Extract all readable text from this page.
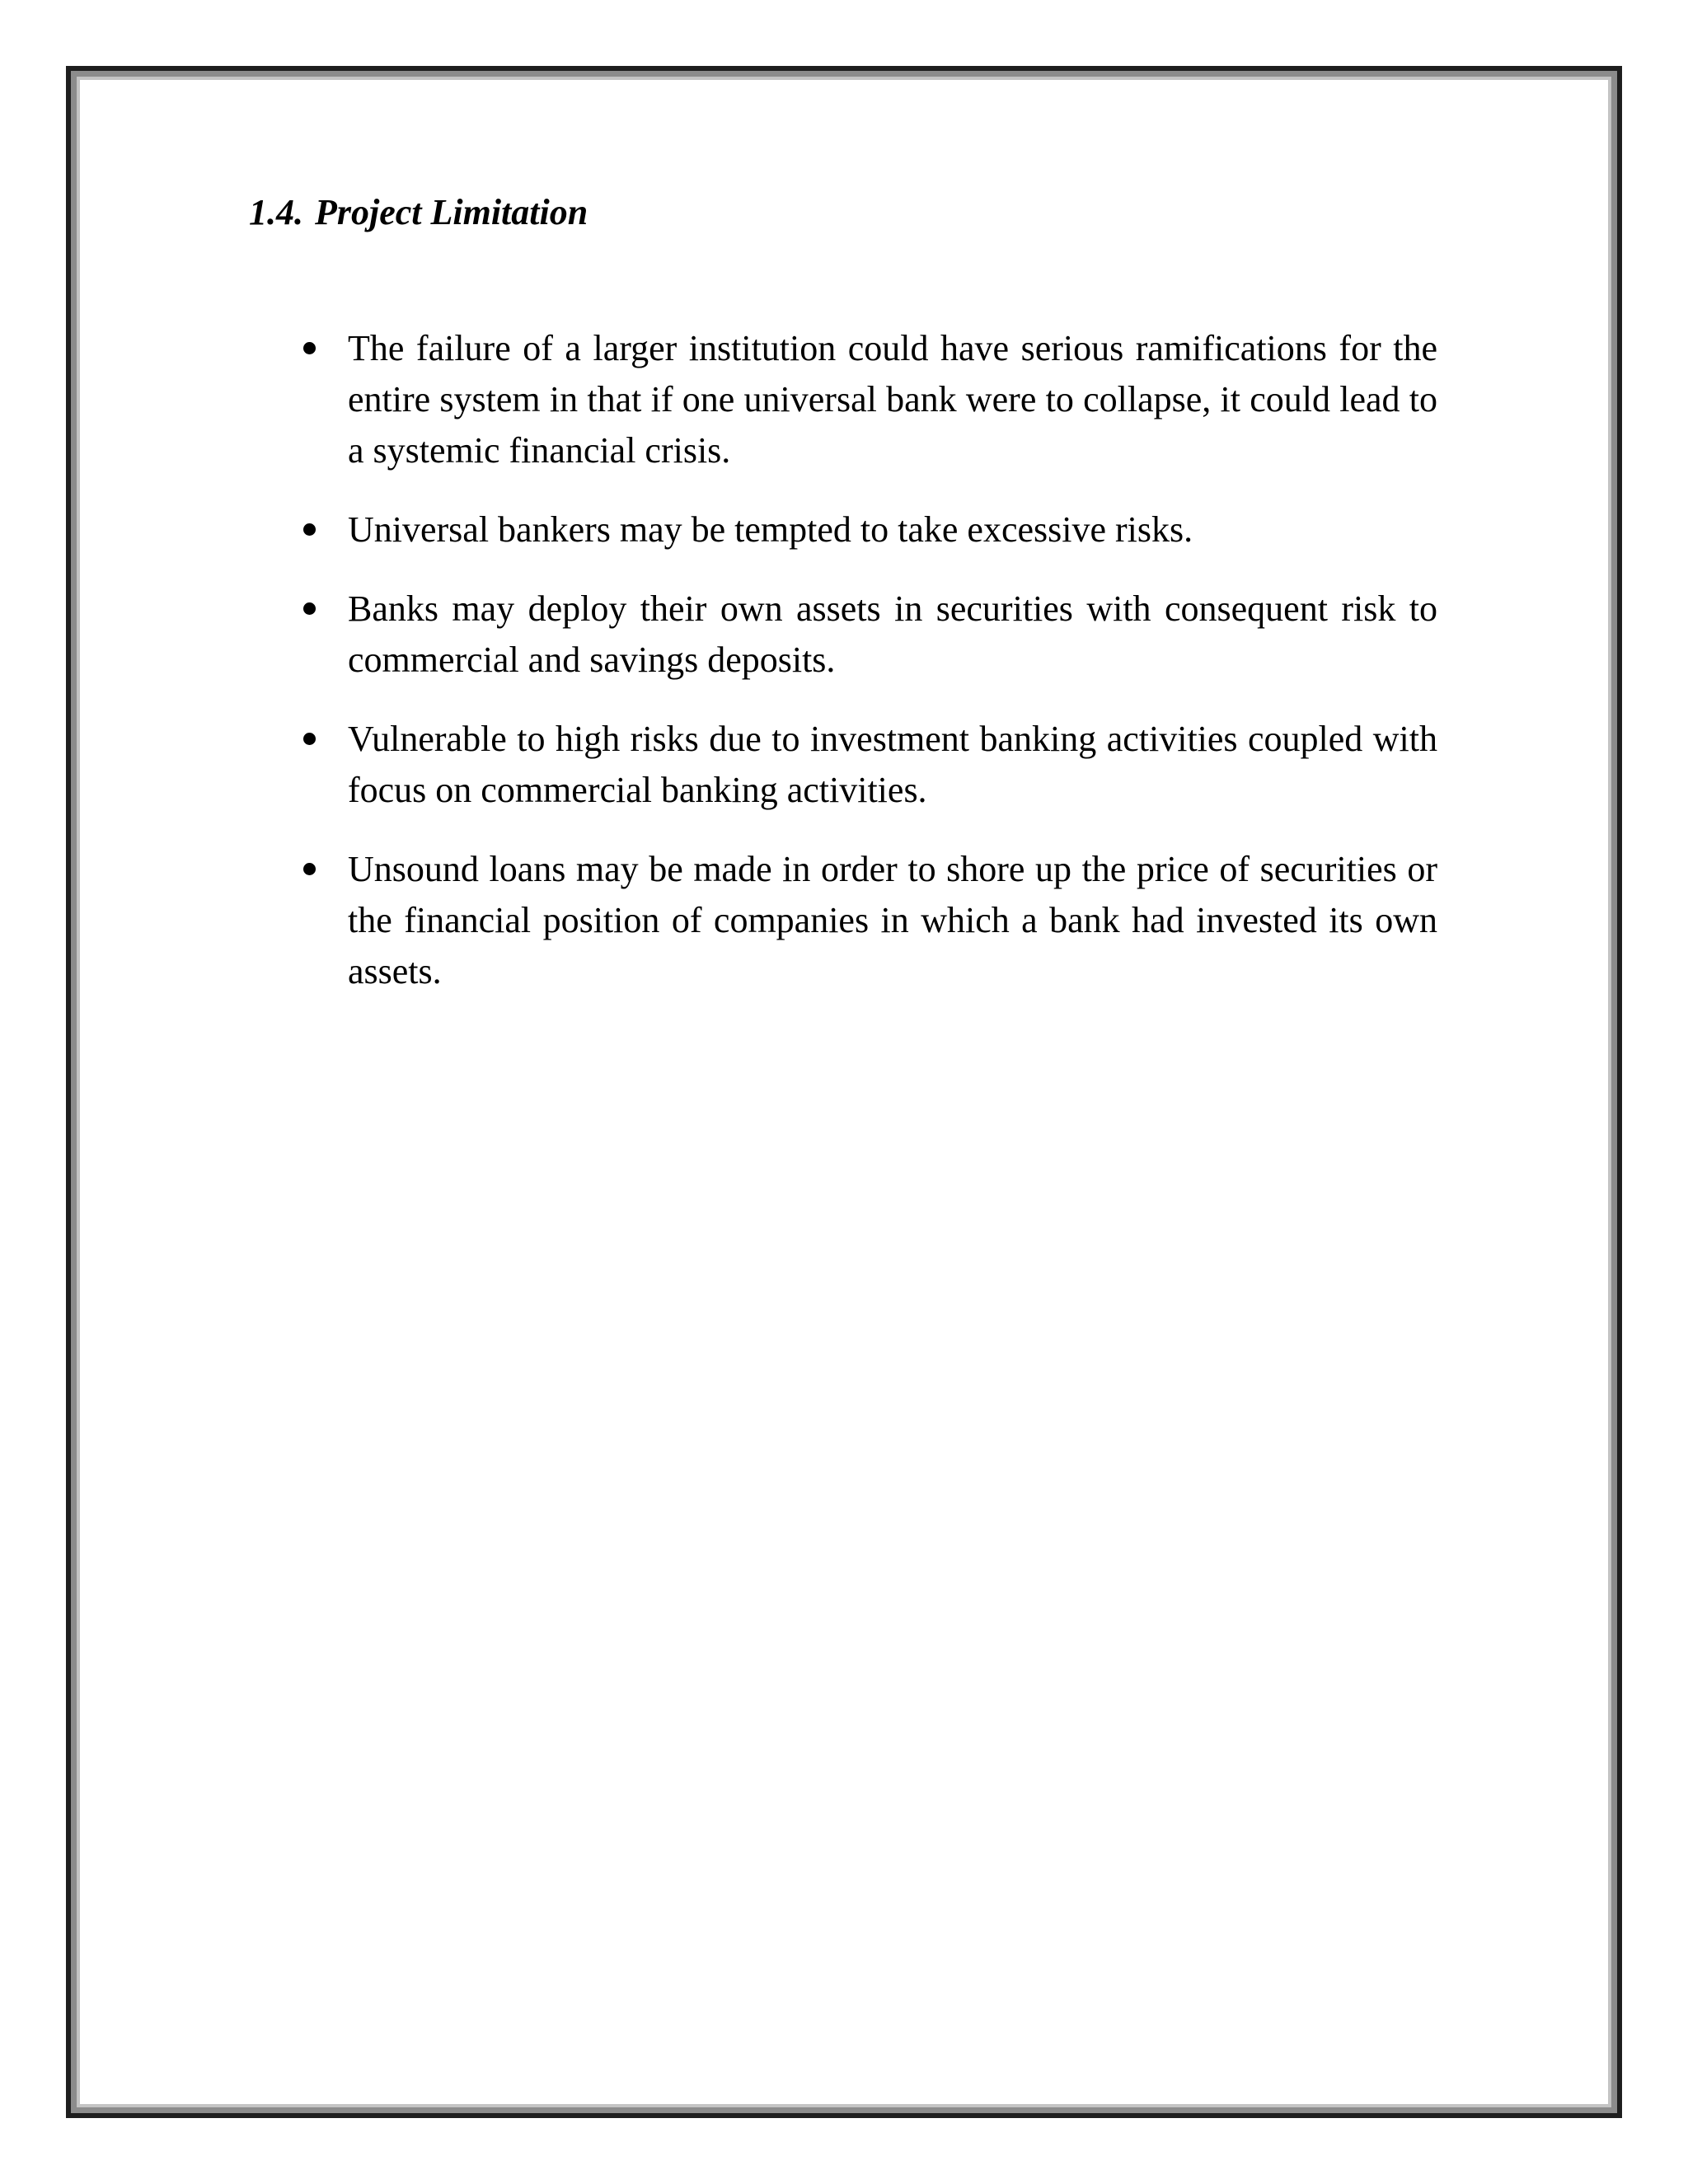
1.4. Project Limitation
The failure of a larger institution could have serious ramifications for the entire system in that if one universal bank were to collapse, it could lead to a systemic financial crisis.
Universal bankers may be tempted to take excessive risks.
Banks may deploy their own assets in securities with consequent risk to commercial and savings deposits.
Vulnerable to high risks due to investment banking activities coupled with focus on commercial banking activities.
Unsound loans may be made in order to shore up the price of securities or the financial position of companies in which a bank had invested its own assets.
